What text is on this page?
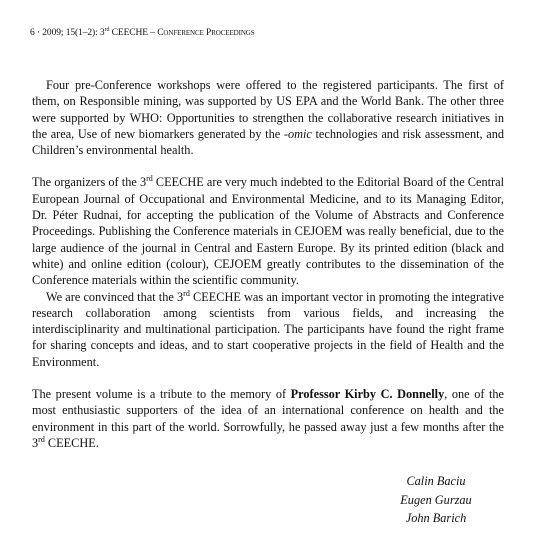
6 · 2009; 15(1–2): 3rd CEECHE – Conference Proceedings

Four pre-Conference workshops were offered to the registered participants. The first of them, on Responsible mining, was supported by US EPA and the World Bank. The other three were supported by WHO: Opportunities to strengthen the collaborative research initiatives in the area, Use of new biomarkers generated by the -omic technologies and risk assessment, and Children’s environmental health.

The organizers of the 3rd CEECHE are very much indebted to the Editorial Board of the Central European Journal of Occupational and Environmental Medicine, and to its Managing Editor, Dr. Péter Rudnai, for accepting the publication of the Volume of Abstracts and Conference Proceedings. Publishing the Conference materials in CEJOEM was really beneficial, due to the large audience of the journal in Central and Eastern Europe. By its printed edition (black and white) and online edition (colour), CEJOEM greatly contributes to the dissemination of the Conference materials within the scientific community.

We are convinced that the 3rd CEECHE was an important vector in promoting the integrative research collaboration among scientists from various fields, and increasing the interdisciplinarity and multinational participation. The participants have found the right frame for sharing concepts and ideas, and to start cooperative projects in the field of Health and the Environment.

The present volume is a tribute to the memory of Professor Kirby C. Donnelly, one of the most enthusiastic supporters of the idea of an international conference on health and the environment in this part of the world. Sorrowfully, he passed away just a few months after the 3rd CEECHE.

Calin Baciu
Eugen Gurzau
John Barich
